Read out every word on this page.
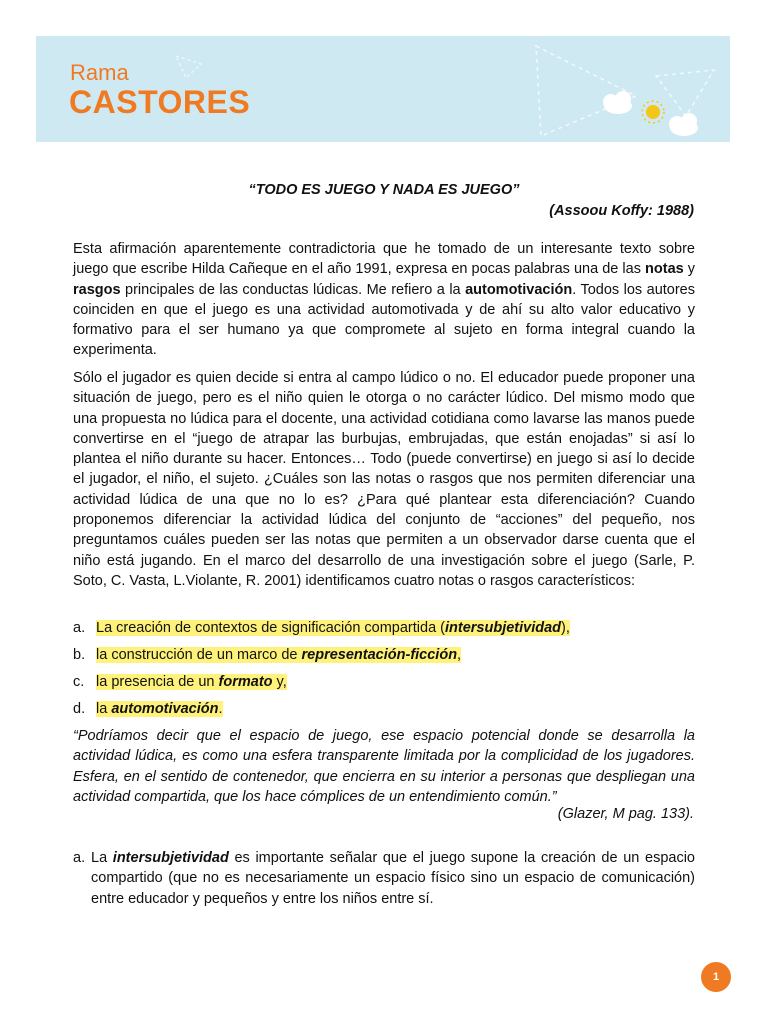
Rama
CASTORES
“TODO ES JUEGO Y NADA ES JUEGO”
(Assoou Koffy: 1988)

Esta afirmación aparentemente contradictoria que he tomado de un interesante texto sobre juego que escribe Hilda Cañeque en el año 1991, expresa en pocas palabras una de las notas y rasgos principales de las conductas lúdicas. Me refiero a la automotivación. Todos los autores coinciden en que el juego es una actividad automotivada y de ahí su alto valor educativo y formativo para el ser humano ya que compromete al sujeto en forma integral cuando la experimenta.

Sólo el jugador es quien decide si entra al campo lúdico o no. El educador puede proponer una situación de juego, pero es el niño quien le otorga o no carácter lúdico. Del mismo modo que una propuesta no lúdica para el docente, una actividad cotidiana como lavarse las manos puede convertirse en el “juego de atrapar las burbujas, embrujadas, que están enojadas” si así lo plantea el niño durante su hacer. Entonces… Todo (puede convertirse) en juego si así lo decide el jugador, el niño, el sujeto. ¿Cuáles son las notas o rasgos que nos permiten diferenciar una actividad lúdica de una que no lo es? ¿Para qué plantear esta diferenciación? Cuando proponemos diferenciar la actividad lúdica del conjunto de “acciones” del pequeño, nos preguntamos cuáles pueden ser las notas que permiten a un observador darse cuenta que el niño está jugando. En el marco del desarrollo de una investigación sobre el juego (Sarle, P. Soto, C. Vasta, L.Violante, R. 2001) identificamos cuatro notas o rasgos característicos:
a. La creación de contextos de significación compartida (intersubjetividad),
b. la construcción de un marco de representación-ficción,
c. la presencia de un formato y,
d. la automotivación.
“Podríamos decir que el espacio de juego, ese espacio potencial donde se desarrolla la actividad lúdica, es como una esfera transparente limitada por la complicidad de los jugadores. Esfera, en el sentido de contenedor, que encierra en su interior a personas que despliegan una actividad compartida, que los hace cómplices de un entendimiento común.”
(Glazer, M pag. 133).
a. La intersubjetividad es importante señalar que el juego supone la creación de un espacio compartido (que no es necesariamente un espacio físico sino un espacio de comunicación) entre educador y pequeños y entre los niños entre sí.
1
